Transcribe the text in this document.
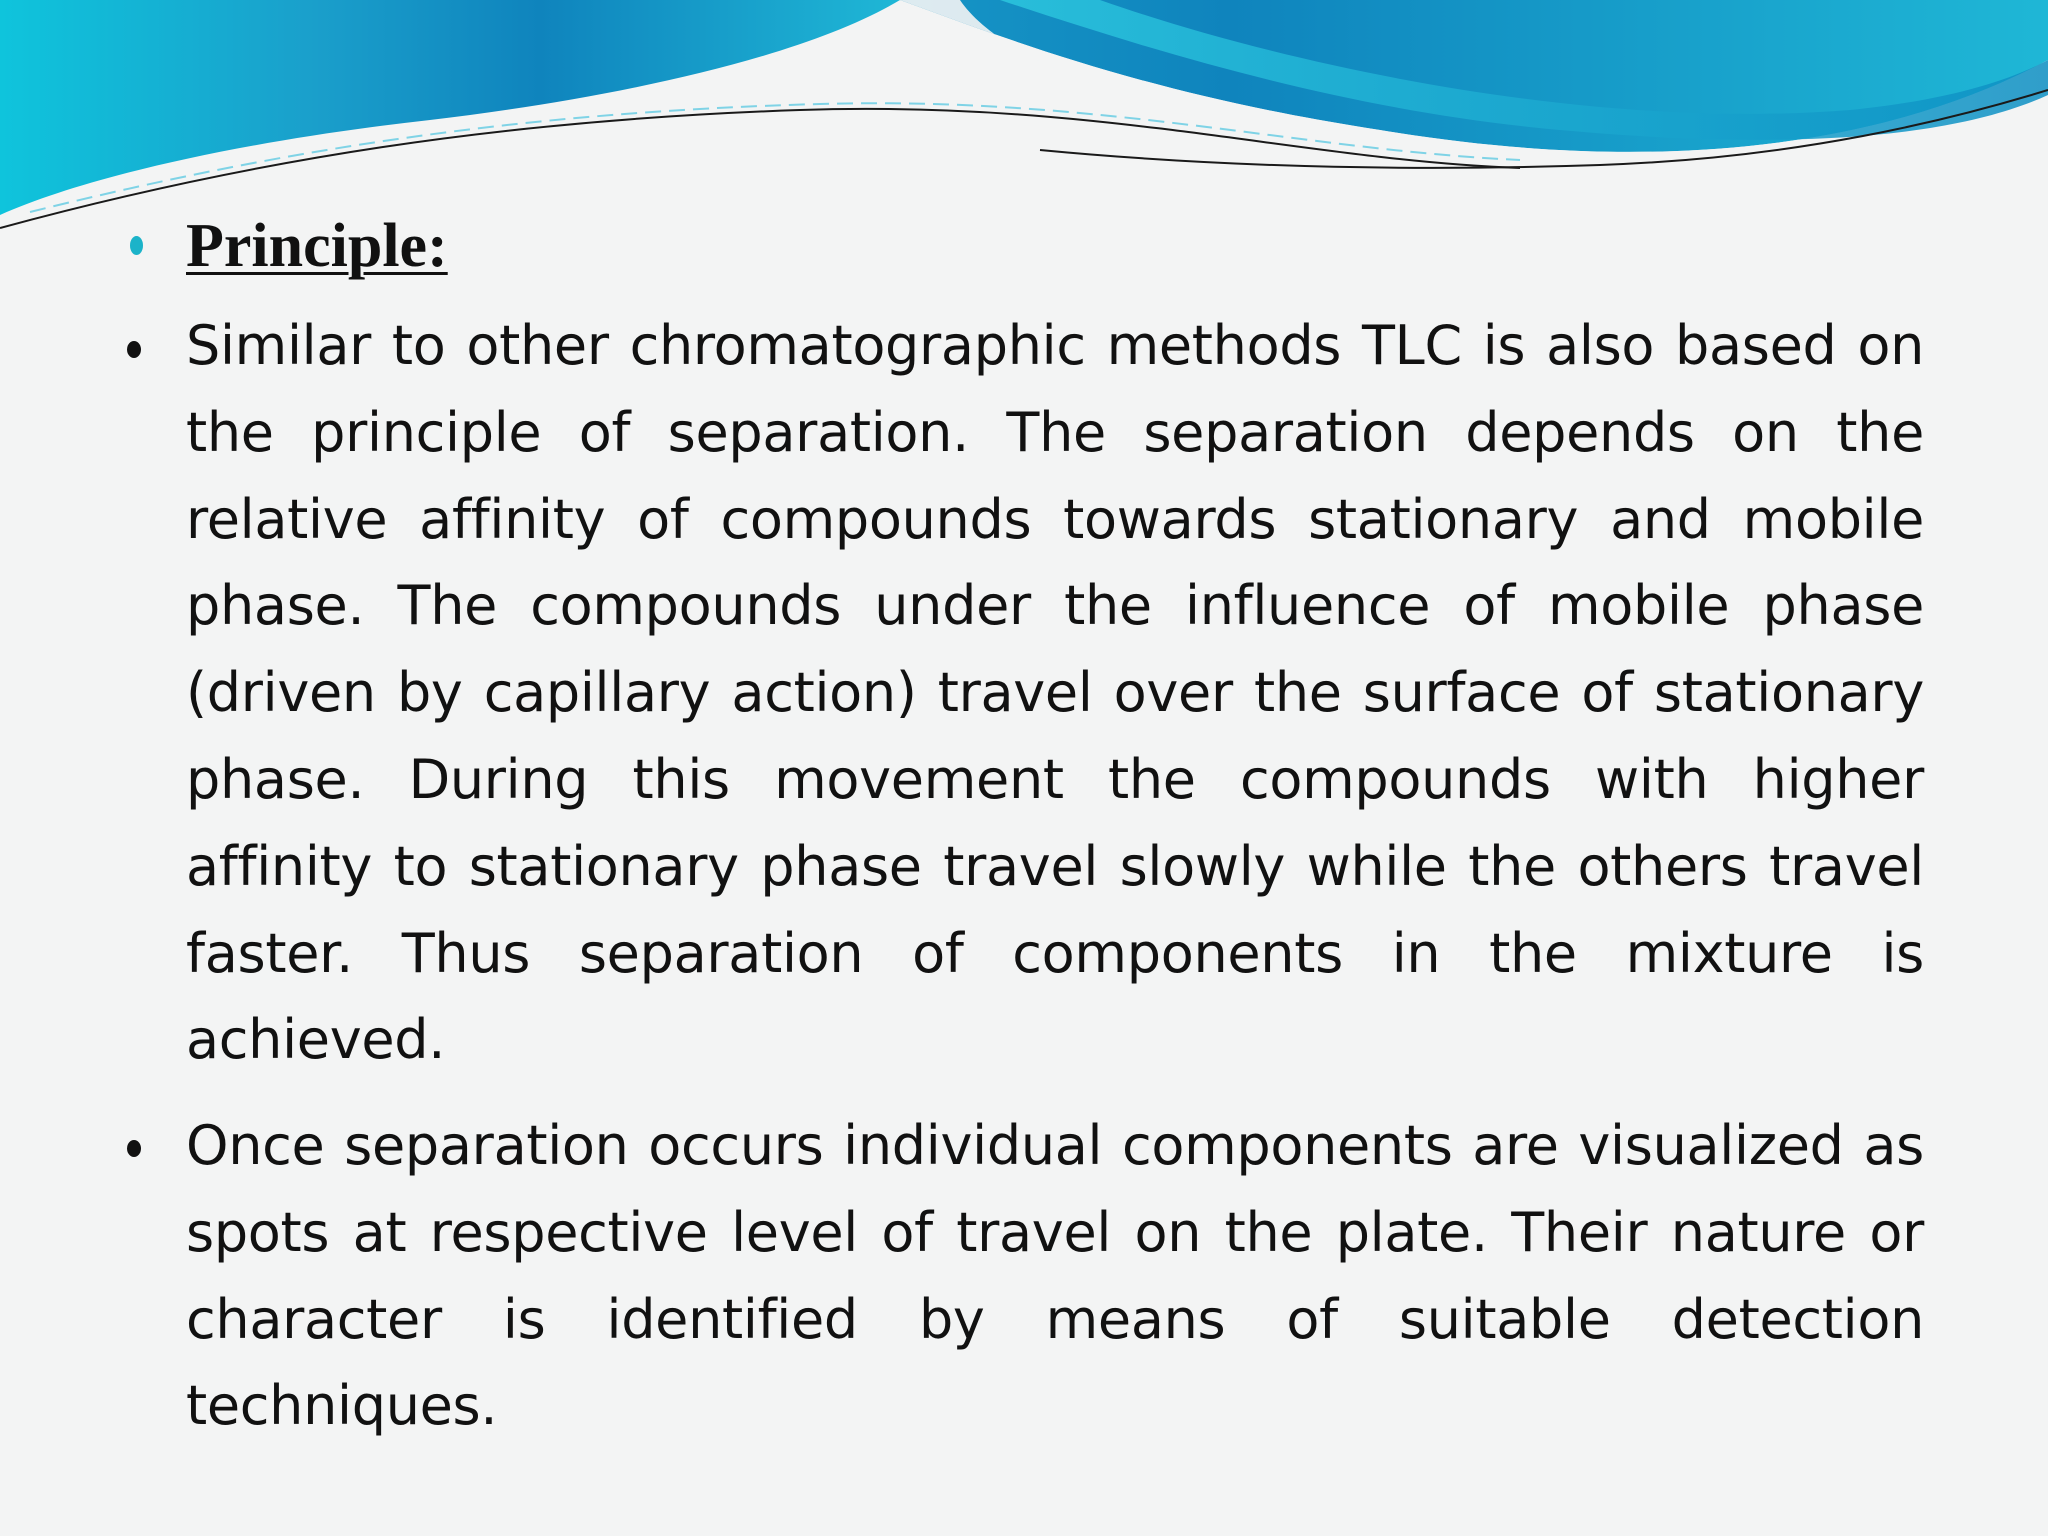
Principle:

Similar to other chromatographic methods TLC is also based on the principle of separation. The separation depends on the relative affinity of compounds towards stationary and mobile phase. The compounds under the influence of mobile phase (driven by capillary action) travel over the surface of stationary phase. During this movement the compounds with higher affinity to stationary phase travel slowly while the others travel faster. Thus separation of components in the mixture is achieved.

Once separation occurs individual components are visualized as spots at respective level of travel on the plate. Their nature or character is identified by means of suitable detection techniques.
